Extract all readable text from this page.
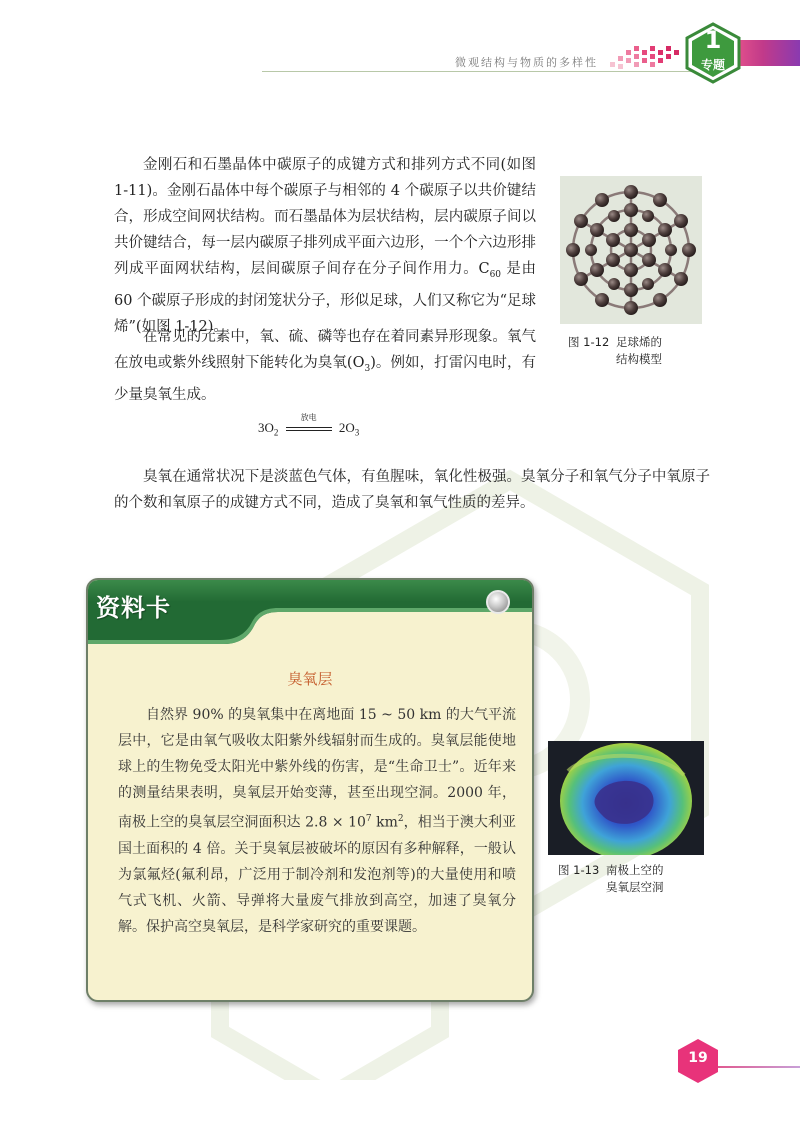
微观结构与物质的多样性
1
专题

金刚石和石墨晶体中碳原子的成键方式和排列方式不同(如图 1-11)。金刚石晶体中每个碳原子与相邻的 4 个碳原子以共价键结合，形成空间网状结构。而石墨晶体为层状结构，层内碳原子间以共价键结合，每一层内碳原子排列成平面六边形，一个个六边形排列成平面网状结构，层间碳原子间存在分子间作用力。$C_{60}$ 是由 60 个碳原子形成的封闭笼状分子，形似足球，人们又称它为“足球烯”(如图 1-12)。

图 1-12 足球烯的
结构模型

在常见的元素中，氧、硫、磷等也存在着同素异形现象。氧气在放电或紫外线照射下能转化为臭氧$(O_3)$。例如，打雷闪电时，有少量臭氧生成。

$3O_2$
放电
$2O_3$

臭氧在通常状况下是淡蓝色气体，有鱼腥味，氧化性极强。臭氧分子和氧气分子中氧原子的个数和氧原子的成键方式不同，造成了臭氧和氧气性质的差异。

资料卡
臭氧层

自然界 90% 的臭氧集中在离地面 15 ~ 50 km 的大气平流层中，它是由氧气吸收太阳紫外线辐射而生成的。臭氧层能使地球上的生物免受太阳光中紫外线的伤害，是“生命卫士”。近年来的测量结果表明，臭氧层开始变薄，甚至出现空洞。2000 年，南极上空的臭氧层空洞面积达 $2.8 \times 10^7$ $km^2$，相当于澳大利亚国土面积的 4 倍。关于臭氧层被破坏的原因有多种解释，一般认为氯氟烃(氟利昂，广泛用于制冷剂和发泡剂等)的大量使用和喷气式飞机、火箭、导弹将大量废气排放到高空，加速了臭氧分解。保护高空臭氧层，是科学家研究的重要课题。

图 1-13 南极上空的
臭氧层空洞
19
